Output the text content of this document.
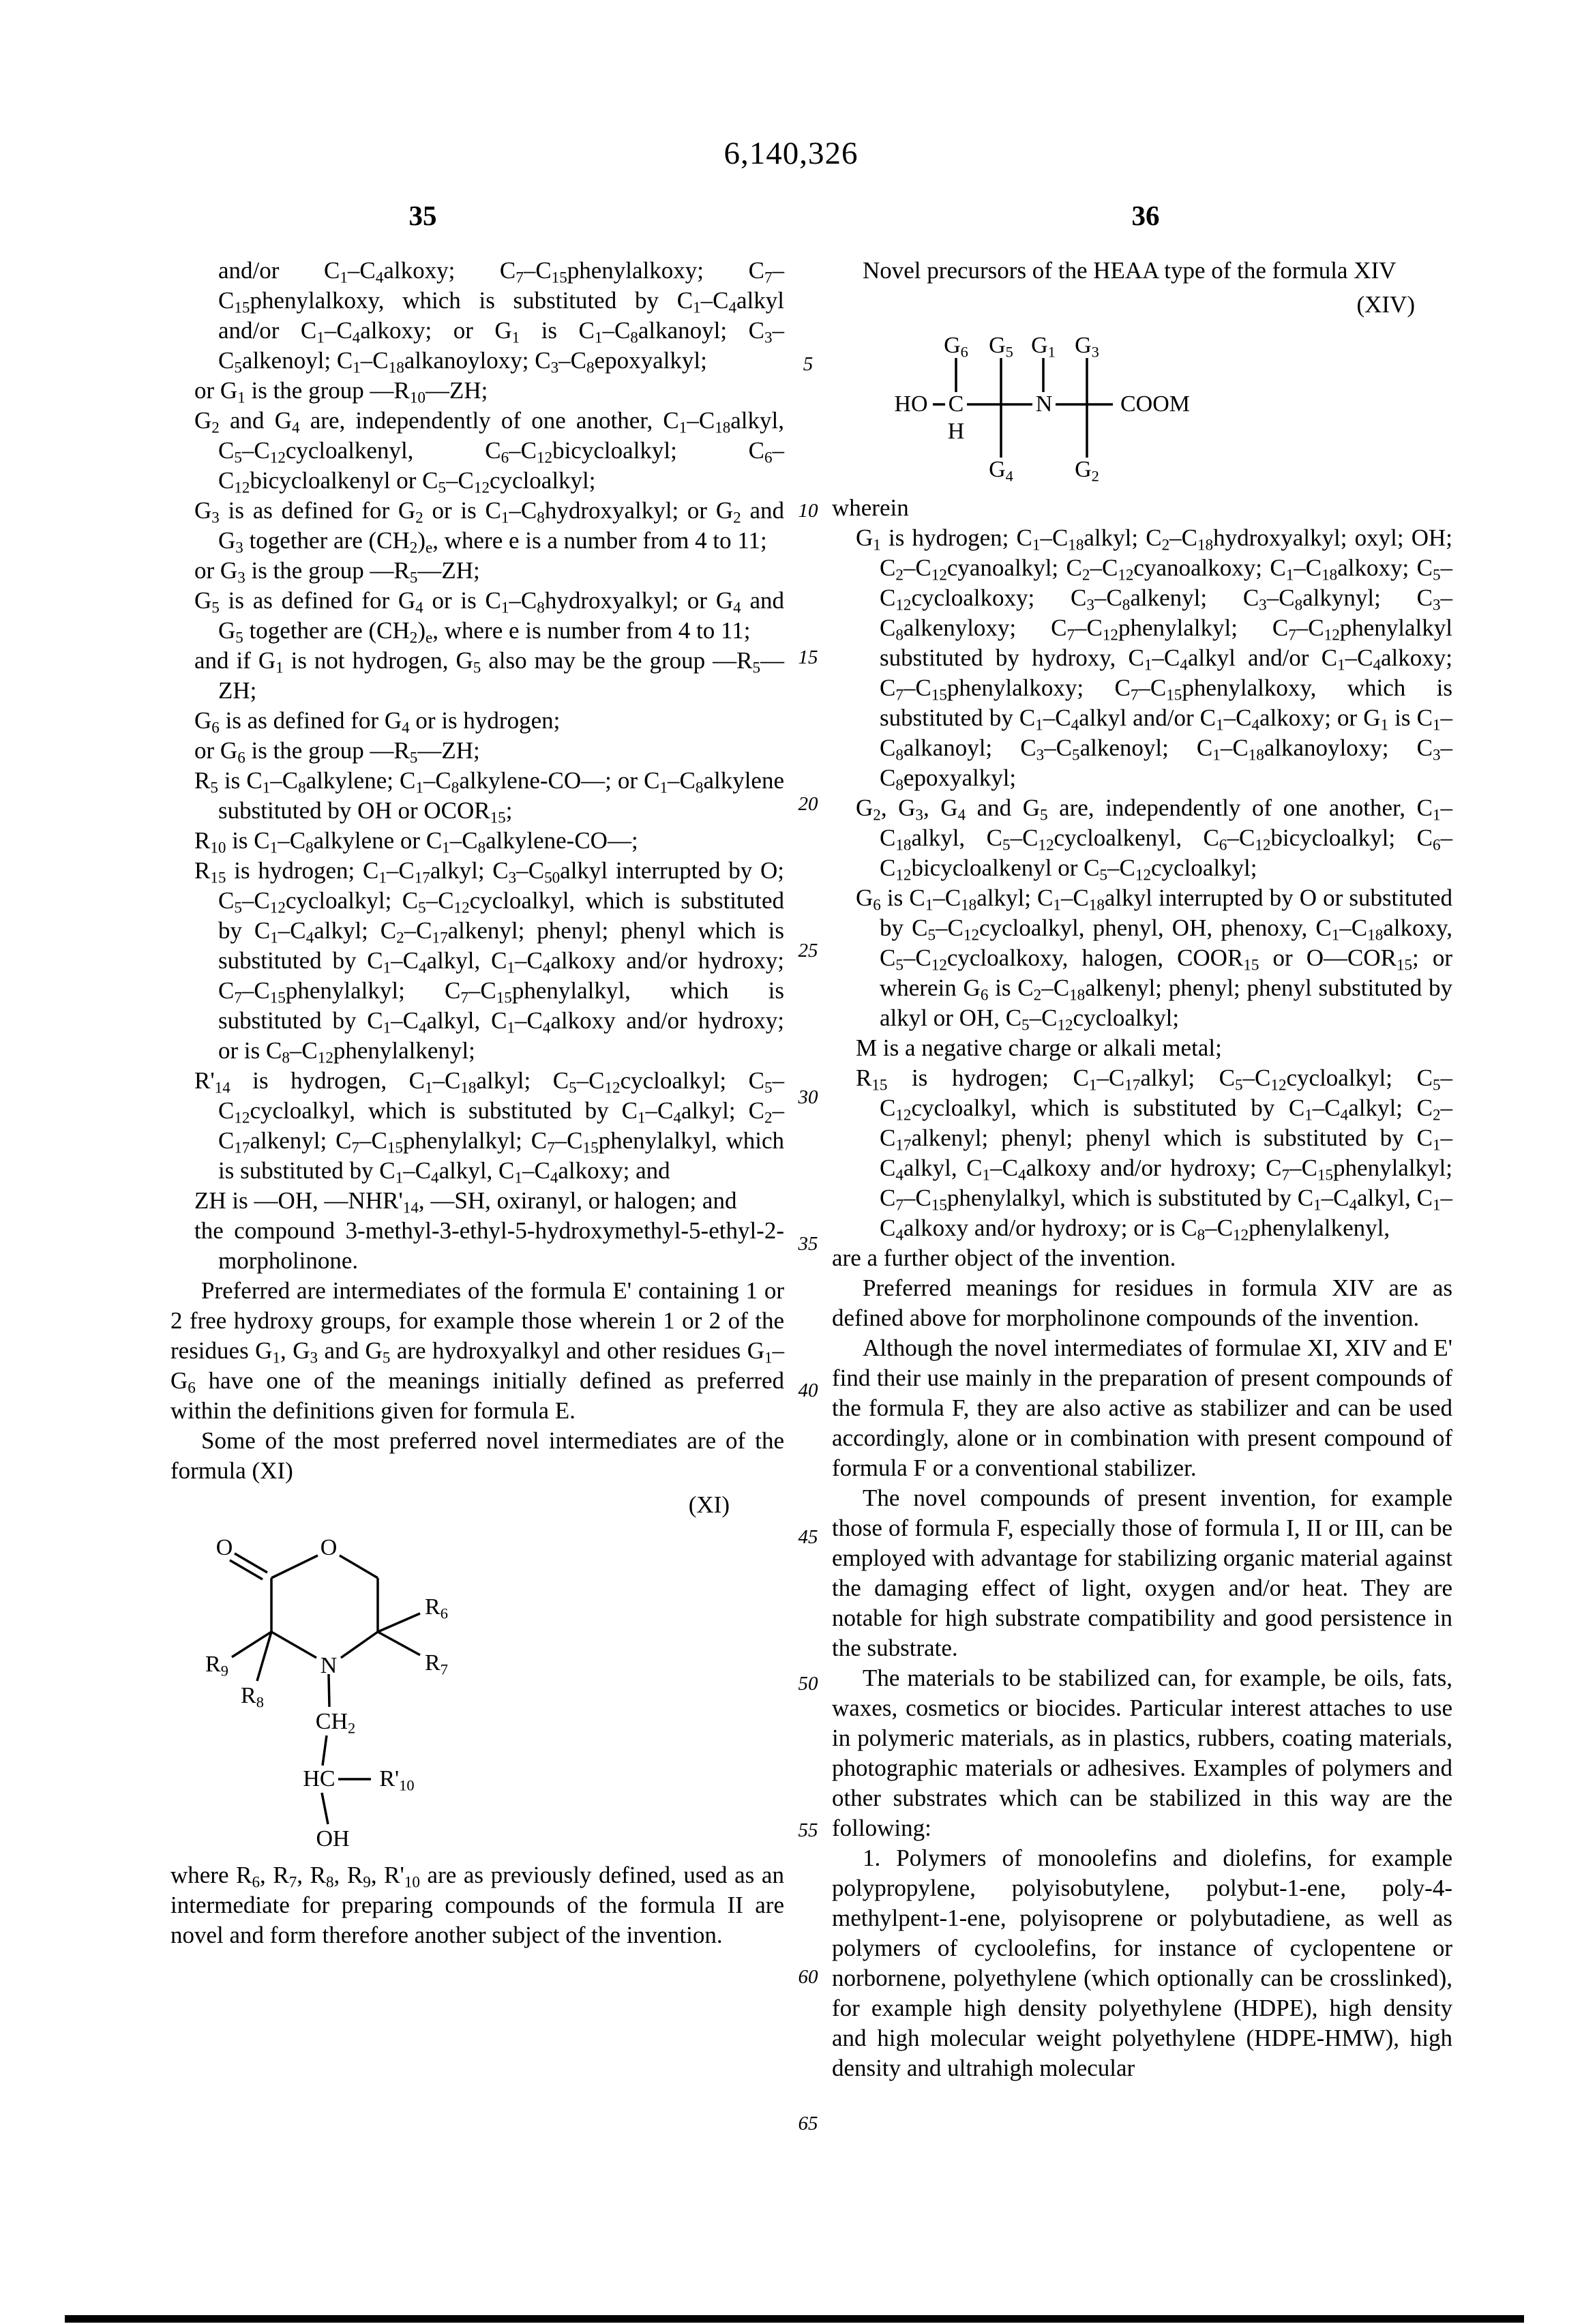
6,140,326
35	36
5
10
15
20
25
30
35
40
45
50
55
60
65
and/or $C_1-C_4alkoxy$; $C_7-C_{15}phenylalkoxy$; $C_7-C_{15}phenylalkoxy$, which is substituted by $C_1-C_4alkyl$ and/or $C_1-C_4alkoxy$; or $G_1$ is $C_1-C_8alkanoyl$; $C_3-C_5alkenoyl$; $C_1-C_{18}alkanoyloxy$; $C_3-C_8epoxyalkyl$;
or $G_1$ is the group $—R_{10}—ZH$;
$G_2$ and $G_4$ are, independently of one another, $C_1-C_{18}alkyl$, $C_5-C_{12}cycloalkenyl$, $C_6-C_{12}bicycloalkyl$; $C_6-C_{12}bicycloalkenyl$ or $C_5-C_{12}cycloalkyl$;
$G_3$ is as defined for $G_2$ or is $C_1-C_8hydroxyalkyl$; or $G_2$ and $G_3$ together are $(CH_2)_e$, where e is a number from 4 to 11;
or $G_3$ is the group $—R_5—ZH$;
$G_5$ is as defined for $G_4$ or is $C_1-C_8hydroxyalkyl$; or $G_4$ and $G_5$ together are $(CH_2)_e$, where e is number from 4 to 11;
and if $G_1$ is not hydrogen, $G_5$ also may be the group $—R_5—ZH$;
$G_6$ is as defined for $G_4$ or is hydrogen;
or $G_6$ is the group $—R_5—ZH$;
$R_5$ is $C_1-C_8alkylene$; $C_1-C_8alkylene-CO—$; or $C_1-C_8alkylene$ substituted by OH or $OCOR_{15}$;
$R_{10}$ is $C_1-C_8alkylene$ or $C_1-C_8alkylene-CO—$;
$R_{15}$ is hydrogen; $C_1-C_{17}alkyl$; $C_3-C_{50}alkyl$ interrupted by O; $C_5-C_{12}cycloalkyl$; $C_5-C_{12}cycloalkyl$, which is substituted by $C_1-C_4alkyl$; $C_2-C_{17}alkenyl$; phenyl; phenyl which is substituted by $C_1-C_4alkyl$, $C_1-C_4alkoxy$ and/or hydroxy; $C_7-C_{15}phenylalkyl$; $C_7-C_{15}phenylalkyl$, which is substituted by $C_1-C_4alkyl$, $C_1-C_4alkoxy$ and/or hydroxy; or is $C_8-C_{12}phenylalkenyl$;
$R'_{14}$ is hydrogen, $C_1-C_{18}alkyl$; $C_5-C_{12}cycloalkyl$; $C_5-C_{12}cycloalkyl$, which is substituted by $C_1-C_4alkyl$; $C_2-C_{17}alkenyl$; $C_7-C_{15}phenylalkyl$; $C_7-C_{15}phenylalkyl$, which is substituted by $C_1-C_4alkyl$, $C_1-C_4alkoxy$; and
ZH is —OH, $—NHR'_{14}$, —SH, oxiranyl, or halogen; and
the compound 3-methyl-3-ethyl-5-hydroxymethyl-5-ethyl-2-morpholinone.
Preferred are intermediates of the formula E' containing 1 or 2 free hydroxy groups, for example those wherein 1 or 2 of the residues $G_1$, $G_3$ and $G_5$ are hydroxyalkyl and other residues $G_1-G_6$ have one of the meanings initially defined as preferred within the definitions given for formula E.
Some of the most preferred novel intermediates are of the formula (XI)
(XI)
O	O
N
$R_6$
$R_7$
$R_9$
$R_8$
$CH_2$
HC $R'_{10}$
OH
where $R_6$, $R_7$, $R_8$, $R_9$, $R'_{10}$ are as previously defined, used as an intermediate for preparing compounds of the formula II are novel and form therefore another subject of the invention.
Novel precursors of the HEAA type of the formula XIV
(XIV)
HO C
H
N	COOM
$G_6$ $G_5$ $G_1$ $G_3$
$G_4$	$G_2$
wherein
$G_1$ is hydrogen; $C_1-C_{18}alkyl$; $C_2-C_{18}hydroxyalkyl$; oxyl; OH; $C_2-C_{12}cyanoalkyl$; $C_2-C_{12}cyanoalkoxy$; $C_1-C_{18}alkoxy$; $C_5-C_{12}cycloalkoxy$; $C_3-C_8alkenyl$; $C_3-C_8alkynyl$; $C_3-C_8alkenyloxy$; $C_7-C_{12}phenylalkyl$; $C_7-C_{12}phenylalkyl$ substituted by hydroxy, $C_1-C_4alkyl$ and/or $C_1-C_4alkoxy$; $C_7-C_{15}phenylalkoxy$; $C_7-C_{15}phenylalkoxy$, which is substituted by $C_1-C_4alkyl$ and/or $C_1-C_4alkoxy$; or $G_1$ is $C_1-C_8alkanoyl$; $C_3-C_5alkenoyl$; $C_1-C_{18}alkanoyloxy$; $C_3-C_8epoxyalkyl$;
$G_2$, $G_3$, $G_4$ and $G_5$ are, independently of one another, $C_1-C_{18}alkyl$, $C_5-C_{12}cycloalkenyl$, $C_6-C_{12}bicycloalkyl$; $C_6-C_{12}bicycloalkenyl$ or $C_5-C_{12}cycloalkyl$;
$G_6$ is $C_1-C_{18}alkyl$; $C_1-C_{18}alkyl$ interrupted by O or substituted by $C_5-C_{12}cycloalkyl$, phenyl, OH, phenoxy, $C_1-C_{18}alkoxy$, $C_5-C_{12}cycloalkoxy$, halogen, $COOR_{15}$ or $O—COR_{15}$; or wherein $G_6$ is $C_2-C_{18}alkenyl$; phenyl; phenyl substituted by alkyl or OH, $C_5-C_{12}cycloalkyl$;
M is a negative charge or alkali metal;
$R_{15}$ is hydrogen; $C_1-C_{17}alkyl$; $C_5-C_{12}cycloalkyl$; $C_5-C_{12}cycloalkyl$, which is substituted by $C_1-C_4alkyl$; $C_2-C_{17}alkenyl$; phenyl; phenyl which is substituted by $C_1-C_4alkyl$, $C_1-C_4alkoxy$ and/or hydroxy; $C_7-C_{15}phenylalkyl$; $C_7-C_{15}phenylalkyl$, which is substituted by $C_1-C_4alkyl$, $C_1-C_4alkoxy$ and/or hydroxy; or is $C_8-C_{12}phenylalkenyl$,
are a further object of the invention.
Preferred meanings for residues in formula XIV are as defined above for morpholinone compounds of the invention.
Although the novel intermediates of formulae XI, XIV and E' find their use mainly in the preparation of present compounds of the formula F, they are also active as stabilizer and can be used accordingly, alone or in combination with present compound of formula F or a conventional stabilizer.
The novel compounds of present invention, for example those of formula F, especially those of formula I, II or III, can be employed with advantage for stabilizing organic material against the damaging effect of light, oxygen and/or heat. They are notable for high substrate compatibility and good persistence in the substrate.
The materials to be stabilized can, for example, be oils, fats, waxes, cosmetics or biocides. Particular interest attaches to use in polymeric materials, as in plastics, rubbers, coating materials, photographic materials or adhesives. Examples of polymers and other substrates which can be stabilized in this way are the following:
1. Polymers of monoolefins and diolefins, for example polypropylene, polyisobutylene, polybut-1-ene, poly-4-methylpent-1-ene, polyisoprene or polybutadiene, as well as polymers of cycloolefins, for instance of cyclopentene or norbornene, polyethylene (which optionally can be crosslinked), for example high density polyethylene (HDPE), high density and high molecular weight polyethylene (HDPE-HMW), high density and ultrahigh molecular
